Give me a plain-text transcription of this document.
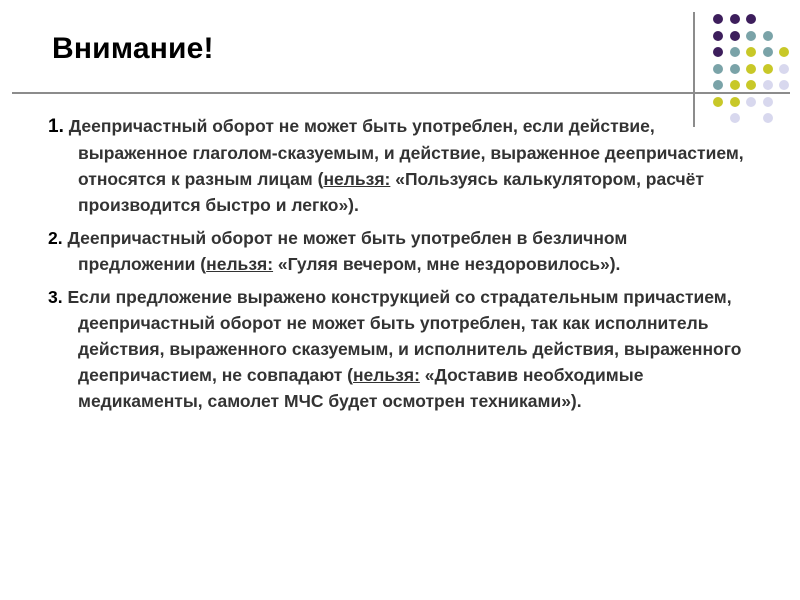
Внимание!

1. Деепричастный оборот не может быть употреблен, если действие, выраженное глаголом-сказуемым, и действие, выраженное деепричастием, относятся к разным лицам (нельзя: «Пользуясь калькулятором, расчёт производится быстро и легко»).

2. Деепричастный оборот не может быть употреблен в безличном предложении (нельзя: «Гуляя вечером, мне нездоровилось»).

3. Если предложение выражено конструкцией со страдательным причастием, деепричастный оборот не может быть употреблен, так как исполнитель действия, выраженного сказуемым, и исполнитель действия, выраженного деепричастием, не совпадают (нельзя: «Доставив необходимые медикаменты, самолет МЧС будет осмотрен техниками»).
